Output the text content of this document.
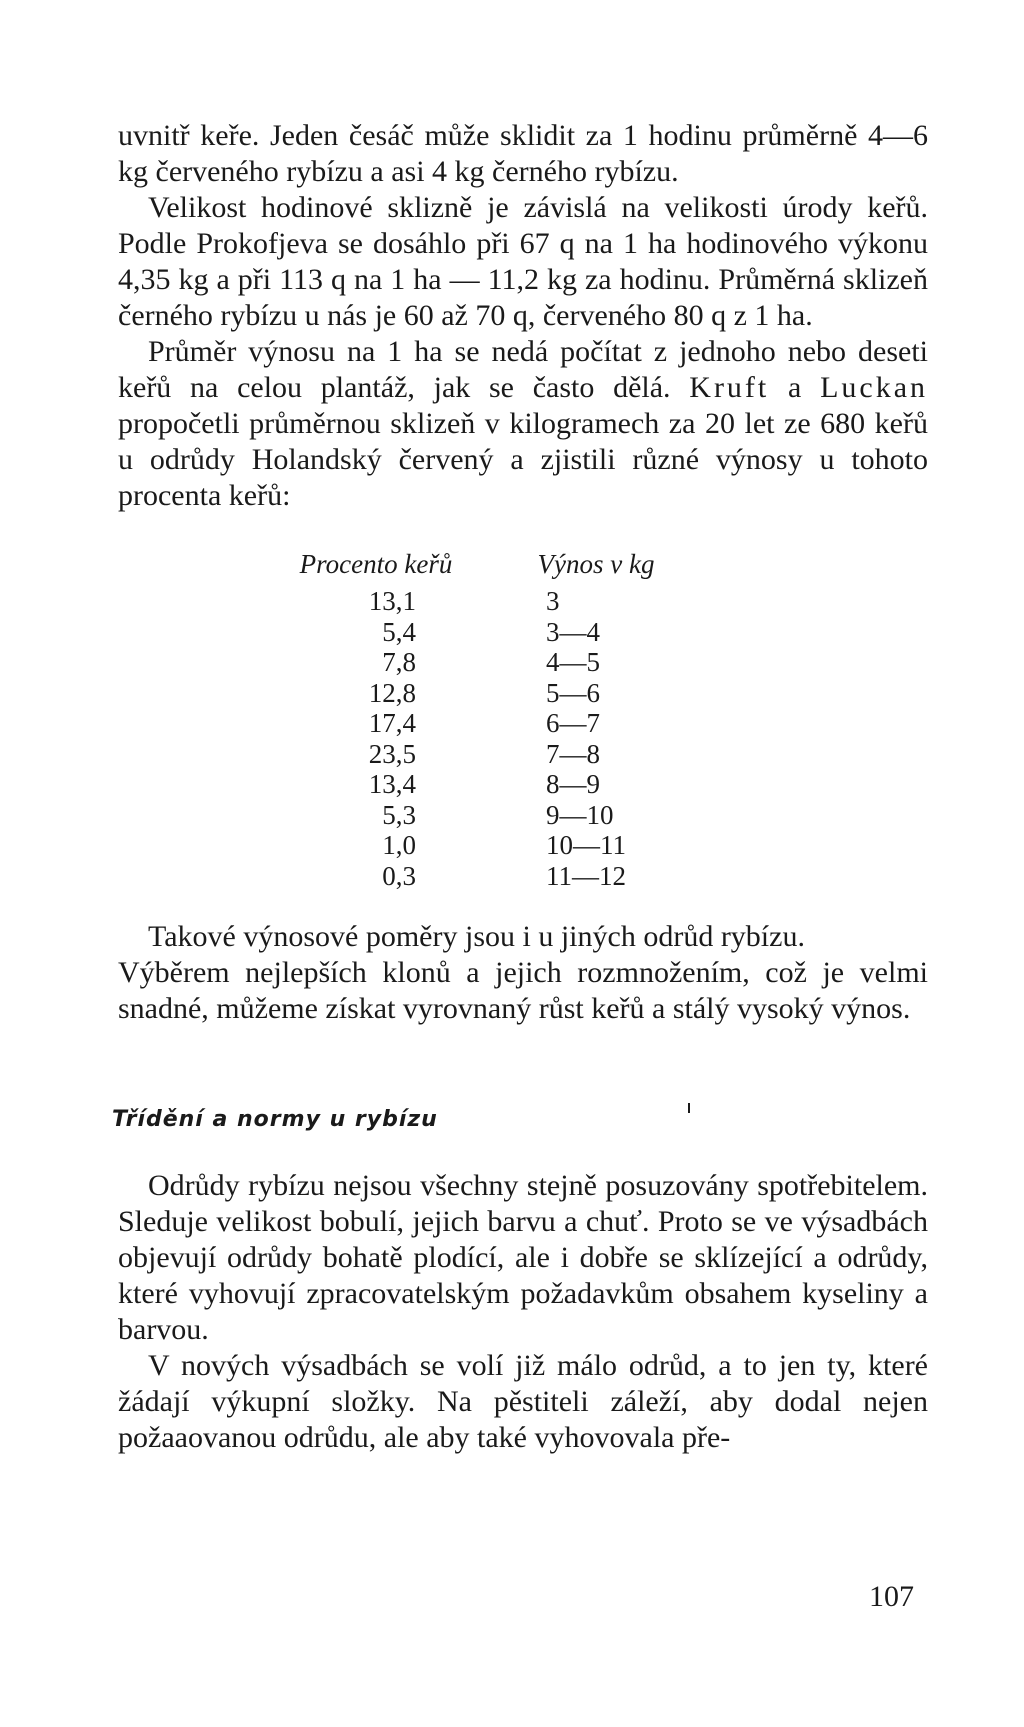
uvnitř keře. Jeden česáč může sklidit za 1 hodinu průměrně 4—6 kg červeného rybízu a asi 4 kg černého rybízu.

Velikost hodinové sklizně je závislá na velikosti úrody keřů. Podle Prokofjeva se dosáhlo při 67 q na 1 ha hodinového výkonu 4,35 kg a při 113 q na 1 ha — 11,2 kg za hodinu. Průměrná sklizeň černého rybízu u nás je 60 až 70 q, červeného 80 q z 1 ha.

Průměr výnosu na 1 ha se nedá počítat z jednoho nebo deseti keřů na celou plantáž, jak se často dělá. Kruft a Luckan propočetli průměrnou sklizeň v kilogramech za 20 let ze 680 keřů u odrůdy Holandský červený a zjistili různé výnosy u tohoto procenta keřů:

Procento keřů	Výnos v kg
13,1	3
5,4	3—4
7,8	4—5
12,8	5—6
17,4	6—7
23,5	7—8
13,4	8—9
5,3	9—10
1,0	10—11
0,3	11—12

Takové výnosové poměry jsou i u jiných odrůd rybízu.

Výběrem nejlepších klonů a jejich rozmnožením, což je velmi snadné, můžeme získat vyrovnaný růst keřů a stálý vysoký výnos.

Třídění a normy u rybízu

Odrůdy rybízu nejsou všechny stejně posuzovány spotřebitelem. Sleduje velikost bobulí, jejich barvu a chuť. Proto se ve výsadbách objevují odrůdy bohatě plodící, ale i dobře se sklízející a odrůdy, které vyhovují zpracovatelským požadavkům obsahem kyseliny a barvou.

V nových výsadbách se volí již málo odrůd, a to jen ty, které žádají výkupní složky. Na pěstiteli záleží, aby dodal nejen požaaovanou odrůdu, ale aby také vyhovovala pře-

107
